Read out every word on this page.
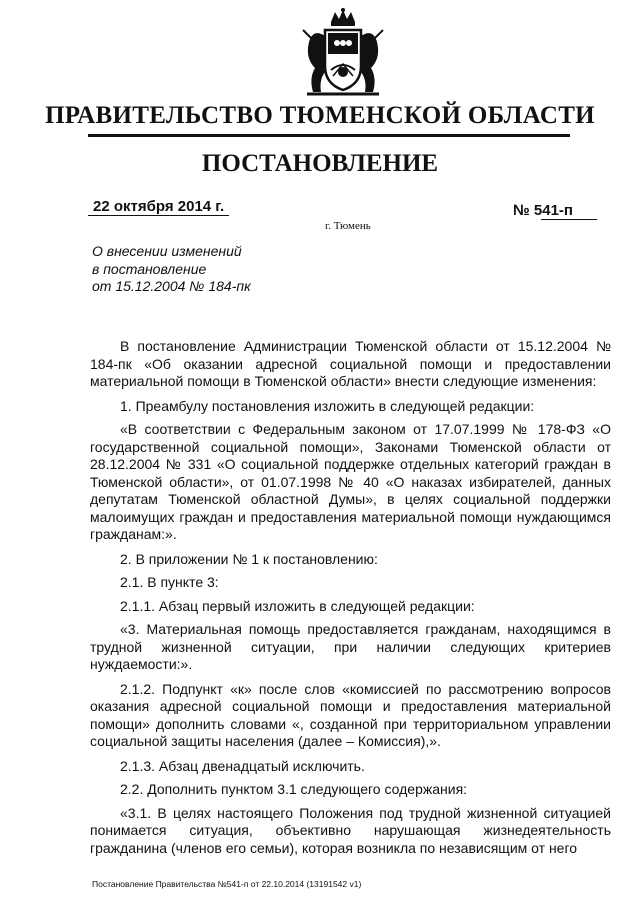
ПРАВИТЕЛЬСТВО ТЮМЕНСКОЙ ОБЛАСТИ
ПОСТАНОВЛЕНИЕ
22 октября 2014 г.	№ 541-п
г. Тюмень
О внесении изменений
в постановление
от 15.12.2004 № 184-пк

В постановление Администрации Тюменской области от 15.12.2004 № 184-пк «Об оказании адресной социальной помощи и предоставлении материальной помощи в Тюменской области» внести следующие изменения:

1. Преамбулу постановления изложить в следующей редакции:

«В соответствии с Федеральным законом от 17.07.1999 № 178-ФЗ «О государственной социальной помощи», Законами Тюменской области от 28.12.2004 № 331 «О социальной поддержке отдельных категорий граждан в Тюменской области», от 01.07.1998 № 40 «О наказах избирателей, данных депутатам Тюменской областной Думы», в целях социальной поддержки малоимущих граждан и предоставления материальной помощи нуждающимся гражданам:».

2. В приложении № 1 к постановлению:

2.1. В пункте 3:

2.1.1. Абзац первый изложить в следующей редакции:

«3. Материальная помощь предоставляется гражданам, находящимся в трудной жизненной ситуации, при наличии следующих критериев нуждаемости:».

2.1.2. Подпункт «к» после слов «комиссией по рассмотрению вопросов оказания адресной социальной помощи и предоставления материальной помощи» дополнить словами «, созданной при территориальном управлении социальной защиты населения (далее – Комиссия),».

2.1.3. Абзац двенадцатый исключить.

2.2. Дополнить пунктом 3.1 следующего содержания:

«3.1. В целях настоящего Положения под трудной жизненной ситуацией понимается ситуация, объективно нарушающая жизнедеятельность гражданина (членов его семьи), которая возникла по независящим от него

Постановление Правительства №541-п от 22.10.2014 (13191542 v1)
